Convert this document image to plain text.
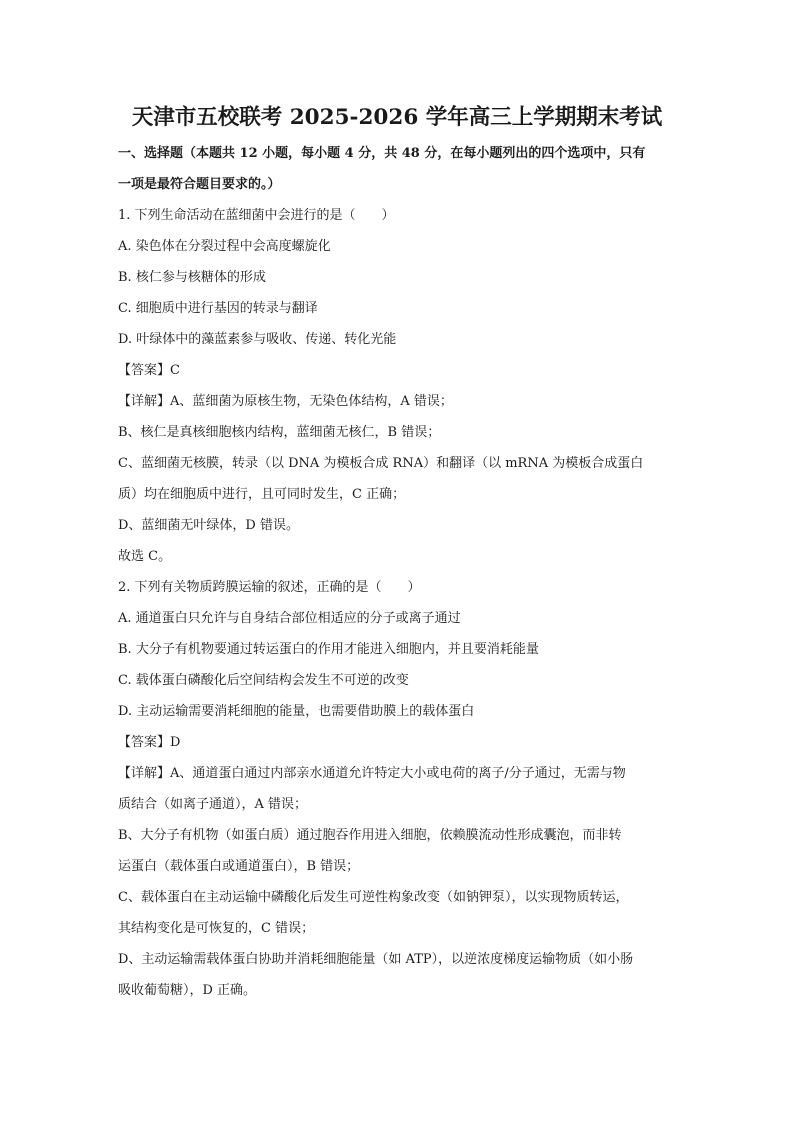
天津市五校联考 2025-2026 学年高三上学期期末考试
一、选择题（本题共 12 小题，每小题 4 分，共 48 分，在每小题列出的四个选项中，只有
一项是最符合题目要求的。）
1. 下列生命活动在蓝细菌中会进行的是（　　）
A. 染色体在分裂过程中会高度螺旋化
B. 核仁参与核糖体的形成
C. 细胞质中进行基因的转录与翻译
D. 叶绿体中的藻蓝素参与吸收、传递、转化光能
【答案】C
【详解】A、蓝细菌为原核生物，无染色体结构，A 错误；
B、核仁是真核细胞核内结构，蓝细菌无核仁，B 错误；
C、蓝细菌无核膜，转录（以 DNA 为模板合成 RNA）和翻译（以 mRNA 为模板合成蛋白
质）均在细胞质中进行，且可同时发生，C 正确；
D、蓝细菌无叶绿体，D 错误。
故选 C。
2. 下列有关物质跨膜运输的叙述，正确的是（　　）
A. 通道蛋白只允许与自身结合部位相适应的分子或离子通过
B. 大分子有机物要通过转运蛋白的作用才能进入细胞内，并且要消耗能量
C. 载体蛋白磷酸化后空间结构会发生不可逆的改变
D. 主动运输需要消耗细胞的能量，也需要借助膜上的载体蛋白
【答案】D
【详解】A、通道蛋白通过内部亲水通道允许特定大小或电荷的离子/分子通过，无需与物
质结合（如离子通道），A 错误；
B、大分子有机物（如蛋白质）通过胞吞作用进入细胞，依赖膜流动性形成囊泡，而非转
运蛋白（载体蛋白或通道蛋白），B 错误；
C、载体蛋白在主动运输中磷酸化后发生可逆性构象改变（如钠钾泵），以实现物质转运，
其结构变化是可恢复的，C 错误；
D、主动运输需载体蛋白协助并消耗细胞能量（如 ATP），以逆浓度梯度运输物质（如小肠
吸收葡萄糖），D 正确。
